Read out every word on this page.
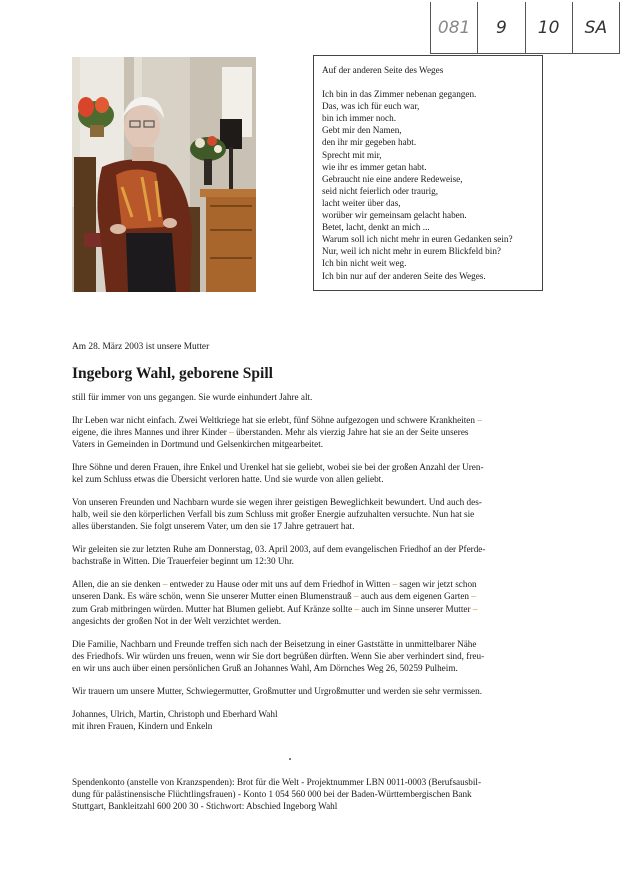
081	9	10	SA
Auf der anderen Seite des Weges
Ich bin in das Zimmer nebenan gegangen.
Das, was ich für euch war,
bin ich immer noch.
Gebt mir den Namen,
den ihr mir gegeben habt.
Sprecht mit mir,
wie ihr es immer getan habt.
Gebraucht nie eine andere Redeweise,
seid nicht feierlich oder traurig,
lacht weiter über das,
worüber wir gemeinsam gelacht haben.
Betet, lacht, denkt an mich ...
Warum soll ich nicht mehr in euren Gedanken sein?
Nur, weil ich nicht mehr in eurem Blickfeld bin?
Ich bin nicht weit weg.
Ich bin nur auf der anderen Seite des Weges.
Am 28. März 2003 ist unsere Mutter
Ingeborg Wahl, geborene Spill
still für immer von uns gegangen. Sie wurde einhundert Jahre alt.
Ihr Leben war nicht einfach. Zwei Weltkriege hat sie erlebt, fünf Söhne aufgezogen und schwere Krankheiten –
eigene, die ihres Mannes und ihrer Kinder – überstanden. Mehr als vierzig Jahre hat sie an der Seite unseres
Vaters in Gemeinden in Dortmund und Gelsenkirchen mitgearbeitet.
Ihre Söhne und deren Frauen, ihre Enkel und Urenkel hat sie geliebt, wobei sie bei der großen Anzahl der Uren-
kel zum Schluss etwas die Übersicht verloren hatte. Und sie wurde von allen geliebt.
Von unseren Freunden und Nachbarn wurde sie wegen ihrer geistigen Beweglichkeit bewundert. Und auch des-
halb, weil sie den körperlichen Verfall bis zum Schluss mit großer Energie aufzuhalten versuchte. Nun hat sie
alles überstanden. Sie folgt unserem Vater, um den sie 17 Jahre getrauert hat.
Wir geleiten sie zur letzten Ruhe am Donnerstag, 03. April 2003, auf dem evangelischen Friedhof an der Pferde-
bachstraße in Witten. Die Trauerfeier beginnt um 12:30 Uhr.
Allen, die an sie denken – entweder zu Hause oder mit uns auf dem Friedhof in Witten – sagen wir jetzt schon
unseren Dank. Es wäre schön, wenn Sie unserer Mutter einen Blumenstrauß – auch aus dem eigenen Garten –
zum Grab mitbringen würden. Mutter hat Blumen geliebt. Auf Kränze sollte – auch im Sinne unserer Mutter –
angesichts der großen Not in der Welt verzichtet werden.
Die Familie, Nachbarn und Freunde treffen sich nach der Beisetzung in einer Gaststätte in unmittelbarer Nähe
des Friedhofs. Wir würden uns freuen, wenn wir Sie dort begrüßen dürften. Wenn Sie aber verhindert sind, freu-
en wir uns auch über einen persönlichen Gruß an Johannes Wahl, Am Dörnches Weg 26, 50259 Pulheim.
Wir trauern um unsere Mutter, Schwiegermutter, Großmutter und Urgroßmutter und werden sie sehr vermissen.
Johannes, Ulrich, Martin, Christoph und Eberhard Wahl
mit ihren Frauen, Kindern und Enkeln
Spendenkonto (anstelle von Kranzspenden): Brot für die Welt - Projektnummer LBN 0011-0003 (Berufsausbil-
dung für palästinensische Flüchtlingsfrauen) - Konto 1 054 560 000 bei der Baden-Württembergischen Bank
Stuttgart, Bankleitzahl 600 200 30 - Stichwort: Abschied Ingeborg Wahl
